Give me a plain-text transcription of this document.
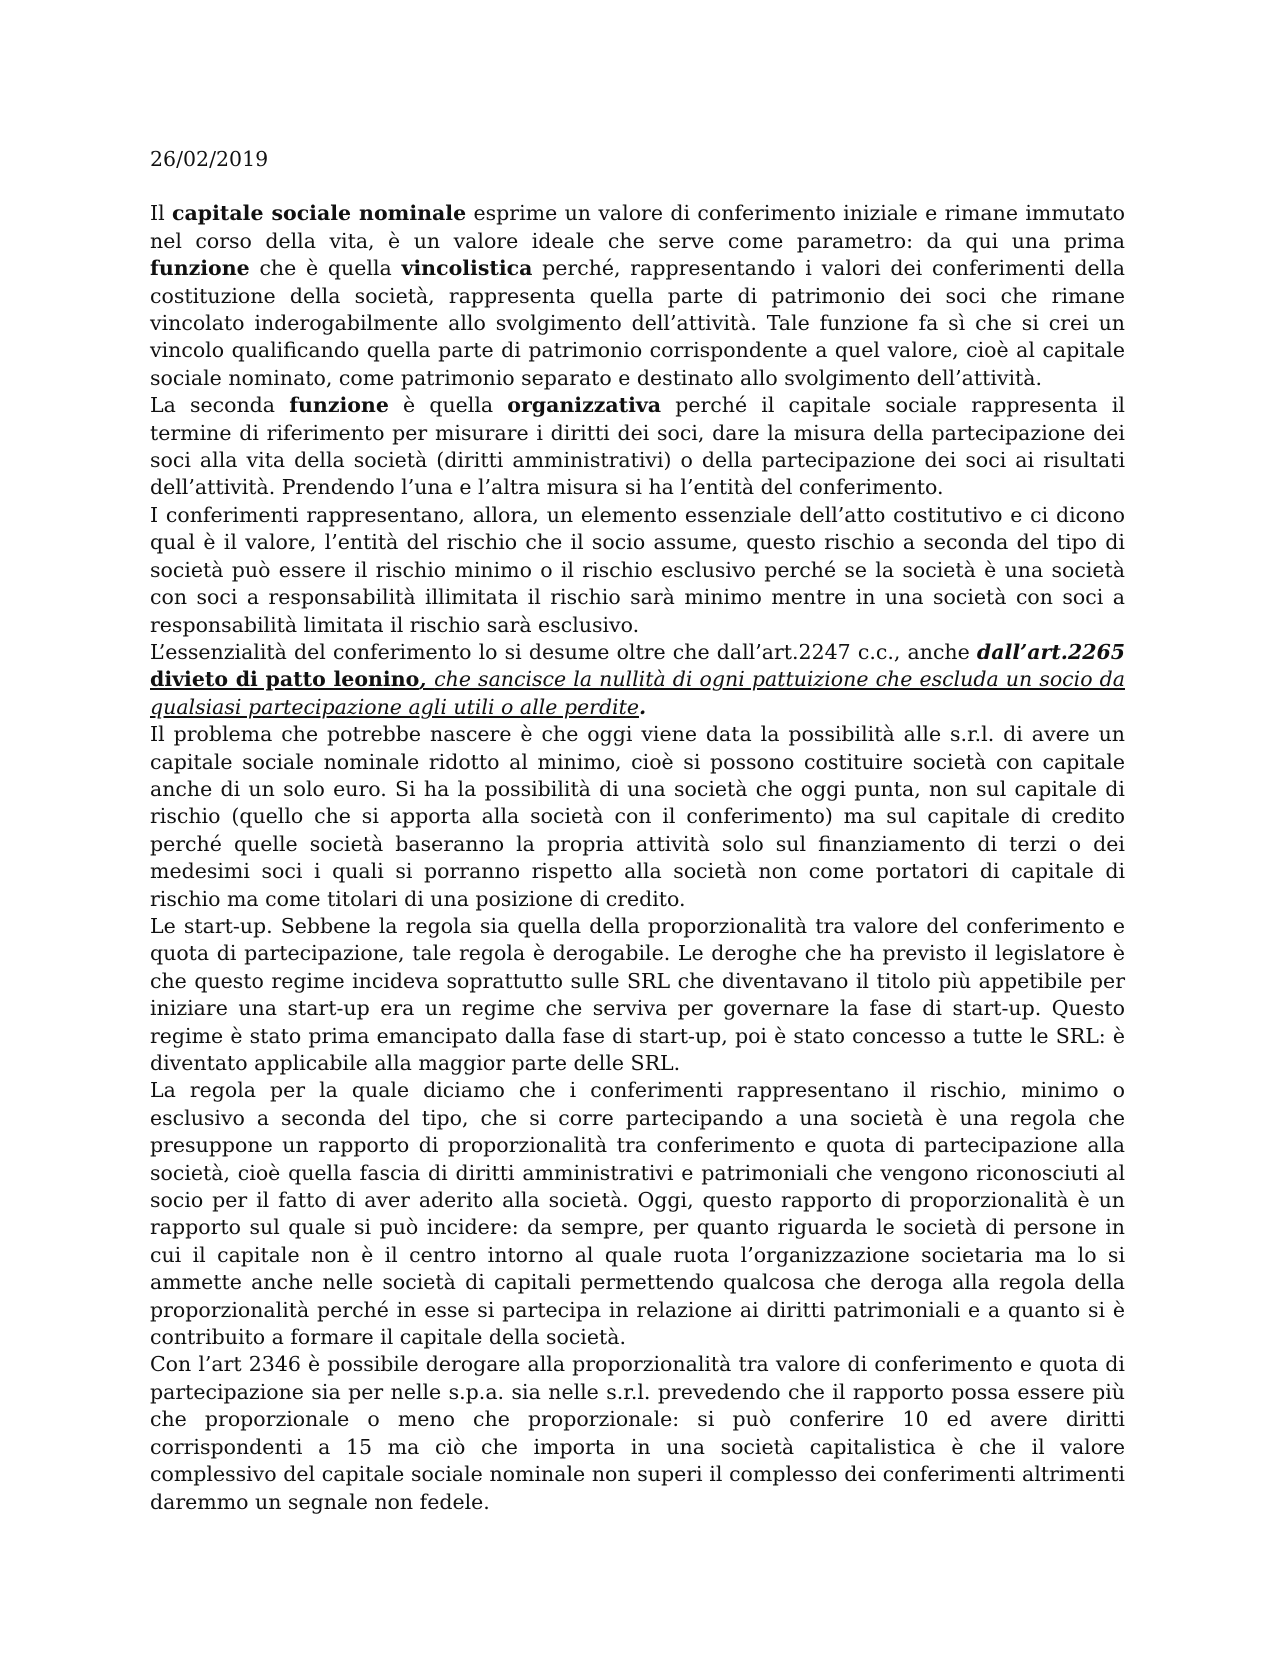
26/02/2019

Il capitale sociale nominale esprime un valore di conferimento iniziale e rimane immutato nel corso della vita, è un valore ideale che serve come parametro: da qui una prima funzione che è quella vincolistica perché, rappresentando i valori dei conferimenti della costituzione della società, rappresenta quella parte di patrimonio dei soci che rimane vincolato inderogabilmente allo svolgimento dell’attività. Tale funzione fa sì che si crei un vincolo qualificando quella parte di patrimonio corrispondente a quel valore, cioè al capitale sociale nominato, come patrimonio separato e destinato allo svolgimento dell’attività.

La seconda funzione è quella organizzativa perché il capitale sociale rappresenta il termine di riferimento per misurare i diritti dei soci, dare la misura della partecipazione dei soci alla vita della società (diritti amministrativi) o della partecipazione dei soci ai risultati dell’attività. Prendendo l’una e l’altra misura si ha l’entità del conferimento.

I conferimenti rappresentano, allora, un elemento essenziale dell’atto costitutivo e ci dicono qual è il valore, l’entità del rischio che il socio assume, questo rischio a seconda del tipo di società può essere il rischio minimo o il rischio esclusivo perché se la società è una società con soci a responsabilità illimitata il rischio sarà minimo mentre in una società con soci a responsabilità limitata il rischio sarà esclusivo.

L’essenzialità del conferimento lo si desume oltre che dall’art.2247 c.c., anche dall’art.2265 divieto di patto leonino, che sancisce la nullità di ogni pattuizione che escluda un socio da qualsiasi partecipazione agli utili o alle perdite.

Il problema che potrebbe nascere è che oggi viene data la possibilità alle s.r.l. di avere un capitale sociale nominale ridotto al minimo, cioè si possono costituire società con capitale anche di un solo euro. Si ha la possibilità di una società che oggi punta, non sul capitale di rischio (quello che si apporta alla società con il conferimento) ma sul capitale di credito perché quelle società baseranno la propria attività solo sul finanziamento di terzi o dei medesimi soci i quali si porranno rispetto alla società non come portatori di capitale di rischio ma come titolari di una posizione di credito.

Le start-up. Sebbene la regola sia quella della proporzionalità tra valore del conferimento e quota di partecipazione, tale regola è derogabile. Le deroghe che ha previsto il legislatore è che questo regime incideva soprattutto sulle SRL che diventavano il titolo più appetibile per iniziare una start-up era un regime che serviva per governare la fase di start-up. Questo regime è stato prima emancipato dalla fase di start-up, poi è stato concesso a tutte le SRL: è diventato applicabile alla maggior parte delle SRL.

La regola per la quale diciamo che i conferimenti rappresentano il rischio, minimo o esclusivo a seconda del tipo, che si corre partecipando a una società è una regola che presuppone un rapporto di proporzionalità tra conferimento e quota di partecipazione alla società, cioè quella fascia di diritti amministrativi e patrimoniali che vengono riconosciuti al socio per il fatto di aver aderito alla società. Oggi, questo rapporto di proporzionalità è un rapporto sul quale si può incidere: da sempre, per quanto riguarda le società di persone in cui il capitale non è il centro intorno al quale ruota l’organizzazione societaria ma lo si ammette anche nelle società di capitali permettendo qualcosa che deroga alla regola della proporzionalità perché in esse si partecipa in relazione ai diritti patrimoniali e a quanto si è contribuito a formare il capitale della società.

Con l’art 2346 è possibile derogare alla proporzionalità tra valore di conferimento e quota di partecipazione sia per nelle s.p.a. sia nelle s.r.l. prevedendo che il rapporto possa essere più che proporzionale o meno che proporzionale: si può conferire 10 ed avere diritti corrispondenti a 15 ma ciò che importa in una società capitalistica è che il valore complessivo del capitale sociale nominale non superi il complesso dei conferimenti altrimenti daremmo un segnale non fedele.
